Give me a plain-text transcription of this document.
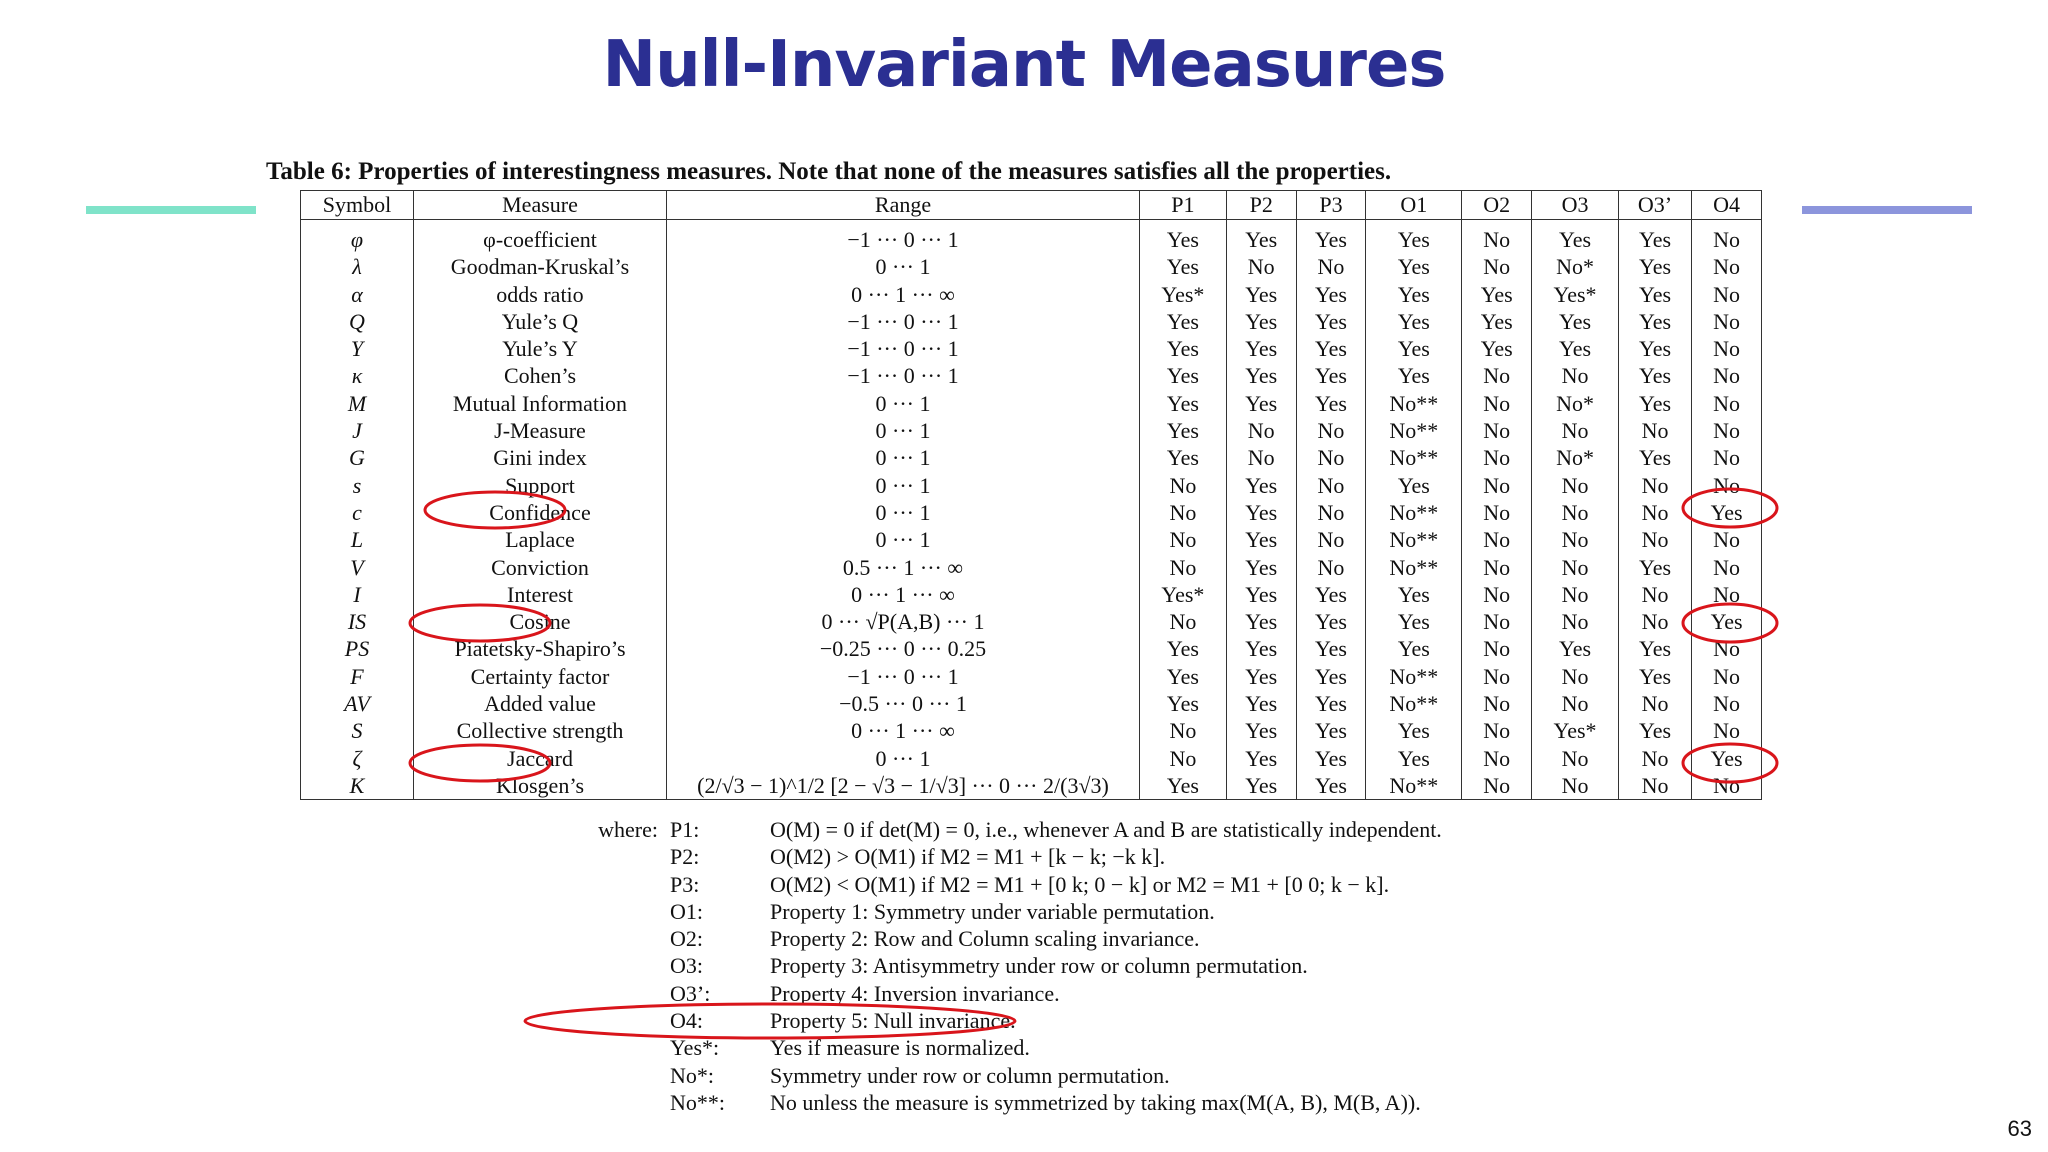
Null-Invariant Measures
Table 6: Properties of interestingness measures. Note that none of the measures satisfies all the properties.
Symbol	Measure	Range	P1	P2	P3	O1	O2	O3	O3’	O4
φ	φ-coefficient	−1 ··· 0 ··· 1	Yes	Yes	Yes	Yes	No	Yes	Yes	No
λ	Goodman-Kruskal’s	0 ··· 1	Yes	No	No	Yes	No	No*	Yes	No
α	odds ratio	0 ··· 1 ··· ∞	Yes*	Yes	Yes	Yes	Yes	Yes*	Yes	No
Q	Yule’s Q	−1 ··· 0 ··· 1	Yes	Yes	Yes	Yes	Yes	Yes	Yes	No
Y	Yule’s Y	−1 ··· 0 ··· 1	Yes	Yes	Yes	Yes	Yes	Yes	Yes	No
κ	Cohen’s	−1 ··· 0 ··· 1	Yes	Yes	Yes	Yes	No	No	Yes	No
M	Mutual Information	0 ··· 1	Yes	Yes	Yes	No**	No	No*	Yes	No
J	J-Measure	0 ··· 1	Yes	No	No	No**	No	No	No	No
G	Gini index	0 ··· 1	Yes	No	No	No**	No	No*	Yes	No
s	Support	0 ··· 1	No	Yes	No	Yes	No	No	No	No
c	Confidence	0 ··· 1	No	Yes	No	No**	No	No	No	Yes
L	Laplace	0 ··· 1	No	Yes	No	No**	No	No	No	No
V	Conviction	0.5 ··· 1 ··· ∞	No	Yes	No	No**	No	No	Yes	No
I	Interest	0 ··· 1 ··· ∞	Yes*	Yes	Yes	Yes	No	No	No	No
IS	Cosine	0 ··· √P(A,B) ··· 1	No	Yes	Yes	Yes	No	No	No	Yes
PS	Piatetsky-Shapiro’s	−0.25 ··· 0 ··· 0.25	Yes	Yes	Yes	Yes	No	Yes	Yes	No
F	Certainty factor	−1 ··· 0 ··· 1	Yes	Yes	Yes	No**	No	No	Yes	No
AV	Added value	−0.5 ··· 0 ··· 1	Yes	Yes	Yes	No**	No	No	No	No
S	Collective strength	0 ··· 1 ··· ∞	No	Yes	Yes	Yes	No	Yes*	Yes	No
ζ	Jaccard	0 ··· 1	No	Yes	Yes	Yes	No	No	No	Yes
K	Klosgen’s	(2/√3 − 1)^1/2 [2 − √3 − 1/√3] ··· 0 ··· 2/(3√3)	Yes	Yes	Yes	No**	No	No	No	No
where: P1:	O(M) = 0 if det(M) = 0, i.e., whenever A and B are statistically independent.
P2:	O(M2) > O(M1) if M2 = M1 + [k − k; −k k].
P3:	O(M2) < O(M1) if M2 = M1 + [0 k; 0 − k] or M2 = M1 + [0 0; k − k].
O1:	Property 1: Symmetry under variable permutation.
O2:	Property 2: Row and Column scaling invariance.
O3:	Property 3: Antisymmetry under row or column permutation.
O3’:	Property 4: Inversion invariance.
O4:	Property 5: Null invariance.
Yes*:	Yes if measure is normalized.
No*:	Symmetry under row or column permutation.
No**:	No unless the measure is symmetrized by taking max(M(A, B), M(B, A)).
63
